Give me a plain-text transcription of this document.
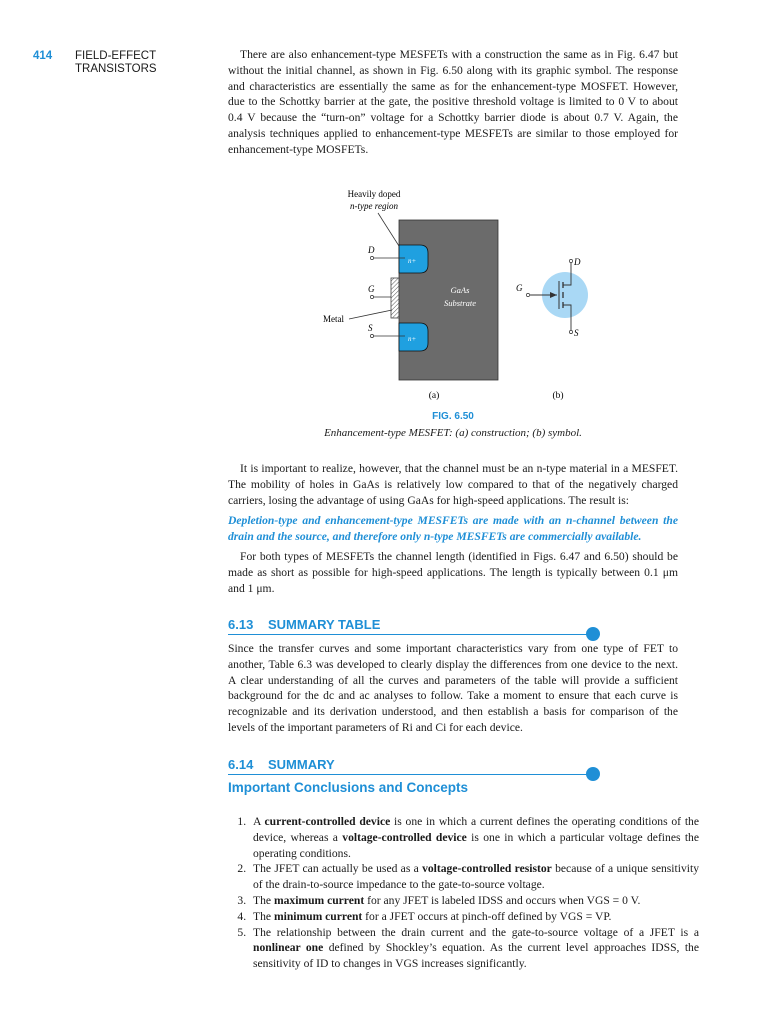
414 FIELD-EFFECT TRANSISTORS

There are also enhancement-type MESFETs with a construction the same as in Fig. 6.47 but without the initial channel, as shown in Fig. 6.50 along with its graphic symbol. The response and characteristics are essentially the same as for the enhancement-type MOSFET. However, due to the Schottky barrier at the gate, the positive threshold voltage is limited to 0 V to about 0.4 V because the “turn-on” voltage for a Schottky barrier diode is about 0.7 V. Again, the analysis techniques applied to enhancement-type MESFETs are similar to those employed for enhancement-type MOSFETs.

Heavily doped
n-type region
n+
n+
GaAs
Substrate
D
G
S
Metal
D
G
S
(a)	(b)
FIG. 6.50
Enhancement-type MESFET: (a) construction; (b) symbol.

It is important to realize, however, that the channel must be an n-type material in a MESFET. The mobility of holes in GaAs is relatively low compared to that of the negatively charged carriers, losing the advantage of using GaAs for high-speed applications. The result is:

Depletion-type and enhancement-type MESFETs are made with an n-channel between the drain and the source, and therefore only n-type MESFETs are commercially available.

For both types of MESFETs the channel length (identified in Figs. 6.47 and 6.50) should be made as short as possible for high-speed applications. The length is typically between 0.1 μm and 1 μm.

6.13 SUMMARY TABLE

Since the transfer curves and some important characteristics vary from one type of FET to another, Table 6.3 was developed to clearly display the differences from one device to the next. A clear understanding of all the curves and parameters of the table will provide a sufficient background for the dc and ac analyses to follow. Take a moment to ensure that each curve is recognizable and its derivation understood, and then establish a basis for comparison of the levels of the important parameters of Ri and Ci for each device.

6.14 SUMMARY
Important Conclusions and Concepts
1. A current-controlled device is one in which a current defines the operating conditions of the device, whereas a voltage-controlled device is one in which a particular voltage defines the operating conditions.
2. The JFET can actually be used as a voltage-controlled resistor because of a unique sensitivity of the drain-to-source impedance to the gate-to-source voltage.
3. The maximum current for any JFET is labeled IDSS and occurs when VGS = 0 V.
4. The minimum current for a JFET occurs at pinch-off defined by VGS = VP.
5. The relationship between the drain current and the gate-to-source voltage of a JFET is a nonlinear one defined by Shockley’s equation. As the current level approaches IDSS, the sensitivity of ID to changes in VGS increases significantly.
